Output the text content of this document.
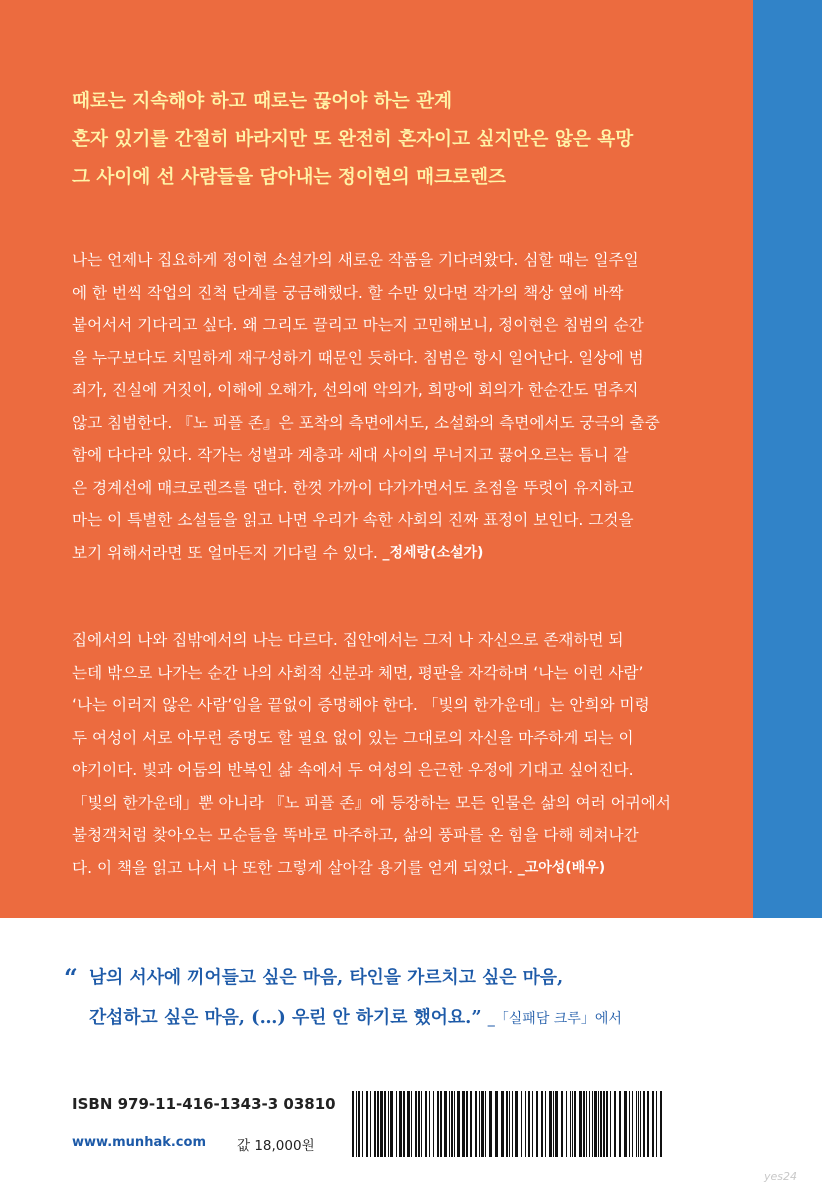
때로는 지속해야 하고 때로는 끊어야 하는 관계
혼자 있기를 간절히 바라지만 또 완전히 혼자이고 싶지만은 않은 욕망
그 사이에 선 사람들을 담아내는 정이현의 매크로렌즈
나는 언제나 집요하게 정이현 소설가의 새로운 작품을 기다려왔다. 심할 때는 일주일
에 한 번씩 작업의 진척 단계를 궁금해했다. 할 수만 있다면 작가의 책상 옆에 바짝
붙어서서 기다리고 싶다. 왜 그리도 끌리고 마는지 고민해보니, 정이현은 침범의 순간
을 누구보다도 치밀하게 재구성하기 때문인 듯하다. 침범은 항시 일어난다. 일상에 범
죄가, 진실에 거짓이, 이해에 오해가, 선의에 악의가, 희망에 회의가 한순간도 멈추지
않고 침범한다. 『노 피플 존』은 포착의 측면에서도, 소설화의 측면에서도 궁극의 출중
함에 다다라 있다. 작가는 성별과 계층과 세대 사이의 무너지고 끓어오르는 틈니 같
은 경계선에 매크로렌즈를 댄다. 한껏 가까이 다가가면서도 초점을 뚜렷이 유지하고
마는 이 특별한 소설들을 읽고 나면 우리가 속한 사회의 진짜 표정이 보인다. 그것을
보기 위해서라면 또 얼마든지 기다릴 수 있다. _정세랑(소설가)
집에서의 나와 집밖에서의 나는 다르다. 집안에서는 그저 나 자신으로 존재하면 되
는데 밖으로 나가는 순간 나의 사회적 신분과 체면, 평판을 자각하며 ‘나는 이런 사람’
‘나는 이러지 않은 사람’임을 끝없이 증명해야 한다. 「빛의 한가운데」는 안희와 미령
두 여성이 서로 아무런 증명도 할 필요 없이 있는 그대로의 자신을 마주하게 되는 이
야기이다. 빛과 어둠의 반복인 삶 속에서 두 여성의 은근한 우정에 기대고 싶어진다.
「빛의 한가운데」뿐 아니라 『노 피플 존』에 등장하는 모든 인물은 삶의 여러 어귀에서
불청객처럼 찾아오는 모순들을 똑바로 마주하고, 삶의 풍파를 온 힘을 다해 헤쳐나간
다. 이 책을 읽고 나서 나 또한 그렇게 살아갈 용기를 얻게 되었다. _고아성(배우)
“ 남의 서사에 끼어들고 싶은 마음, 타인을 가르치고 싶은 마음,
간섭하고 싶은 마음, (…) 우린 안 하기로 했어요.” _「실패담 크루」에서
ISBN 979-11-416-1343-3 03810
www.munhak.com 값 18,000원
yes24
